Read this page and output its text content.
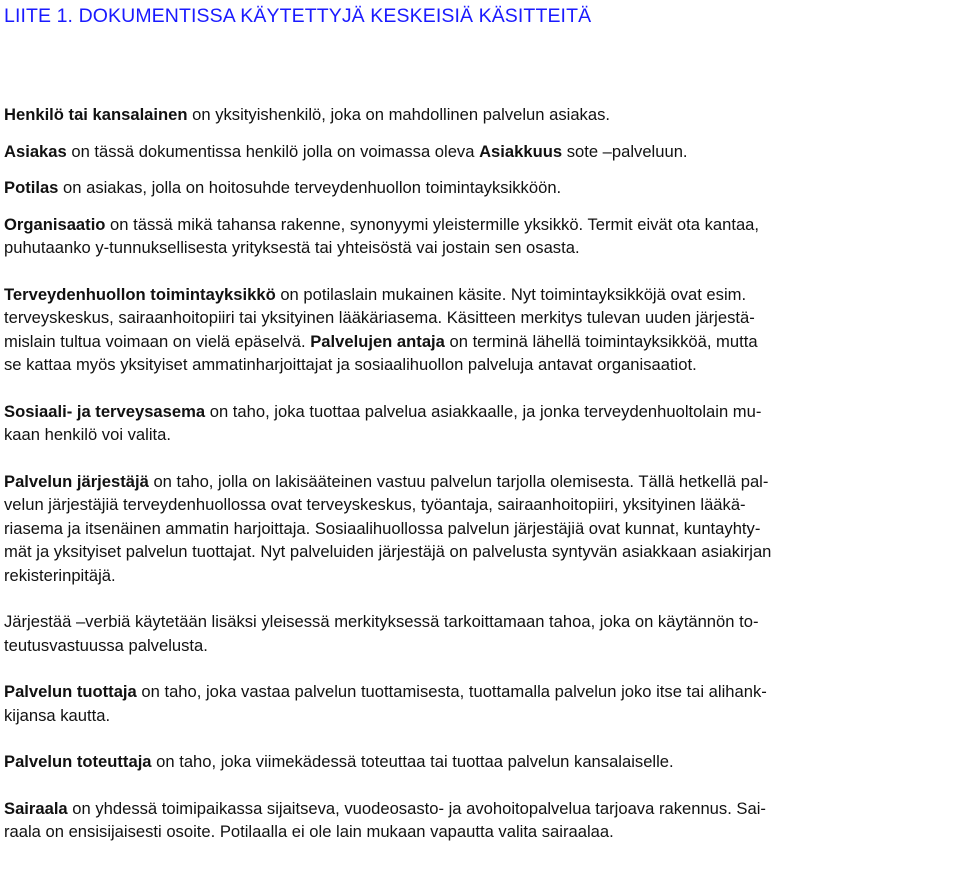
LIITE 1. DOKUMENTISSA KÄYTETTYJÄ KESKEISIÄ KÄSITTEITÄ

Henkilö tai kansalainen on yksityishenkilö, joka on mahdollinen palvelun asiakas.

Asiakas on tässä dokumentissa henkilö jolla on voimassa oleva Asiakkuus sote –palveluun.

Potilas on asiakas, jolla on hoitosuhde terveydenhuollon toimintayksikköön.

Organisaatio on tässä mikä tahansa rakenne, synonyymi yleistermille yksikkö. Termit eivät ota kantaa,
puhutaanko y-tunnuksellisesta yrityksestä tai yhteisöstä vai jostain sen osasta.

Terveydenhuollon toimintayksikkö on potilaslain mukainen käsite. Nyt toimintayksikköjä ovat esim.
terveyskeskus, sairaanhoitopiiri tai yksityinen lääkäriasema. Käsitteen merkitys tulevan uuden järjestä-
mislain tultua voimaan on vielä epäselvä. Palvelujen antaja on terminä lähellä toimintayksikköä, mutta
se kattaa myös yksityiset ammatinharjoittajat ja sosiaalihuollon palveluja antavat organisaatiot.

Sosiaali- ja terveysasema on taho, joka tuottaa palvelua asiakkaalle, ja jonka terveydenhuoltolain mu-
kaan henkilö voi valita.

Palvelun järjestäjä on taho, jolla on lakisääteinen vastuu palvelun tarjolla olemisesta. Tällä hetkellä pal-
velun järjestäjiä terveydenhuollossa ovat terveyskeskus, työantaja, sairaanhoitopiiri, yksityinen lääkä-
riasema ja itsenäinen ammatin harjoittaja. Sosiaalihuollossa palvelun järjestäjiä ovat kunnat, kuntayhty-
mät ja yksityiset palvelun tuottajat. Nyt palveluiden järjestäjä on palvelusta syntyvän asiakkaan asiakirjan
rekisterinpitäjä.

Järjestää –verbiä käytetään lisäksi yleisessä merkityksessä tarkoittamaan tahoa, joka on käytännön to-
teutusvastuussa palvelusta.

Palvelun tuottaja on taho, joka vastaa palvelun tuottamisesta, tuottamalla palvelun joko itse tai alihank-
kijansa kautta.

Palvelun toteuttaja on taho, joka viimekädessä toteuttaa tai tuottaa palvelun kansalaiselle.

Sairaala on yhdessä toimipaikassa sijaitseva, vuodeosasto- ja avohoitopalvelua tarjoava rakennus. Sai-
raala on ensisijaisesti osoite. Potilaalla ei ole lain mukaan vapautta valita sairaalaa.
